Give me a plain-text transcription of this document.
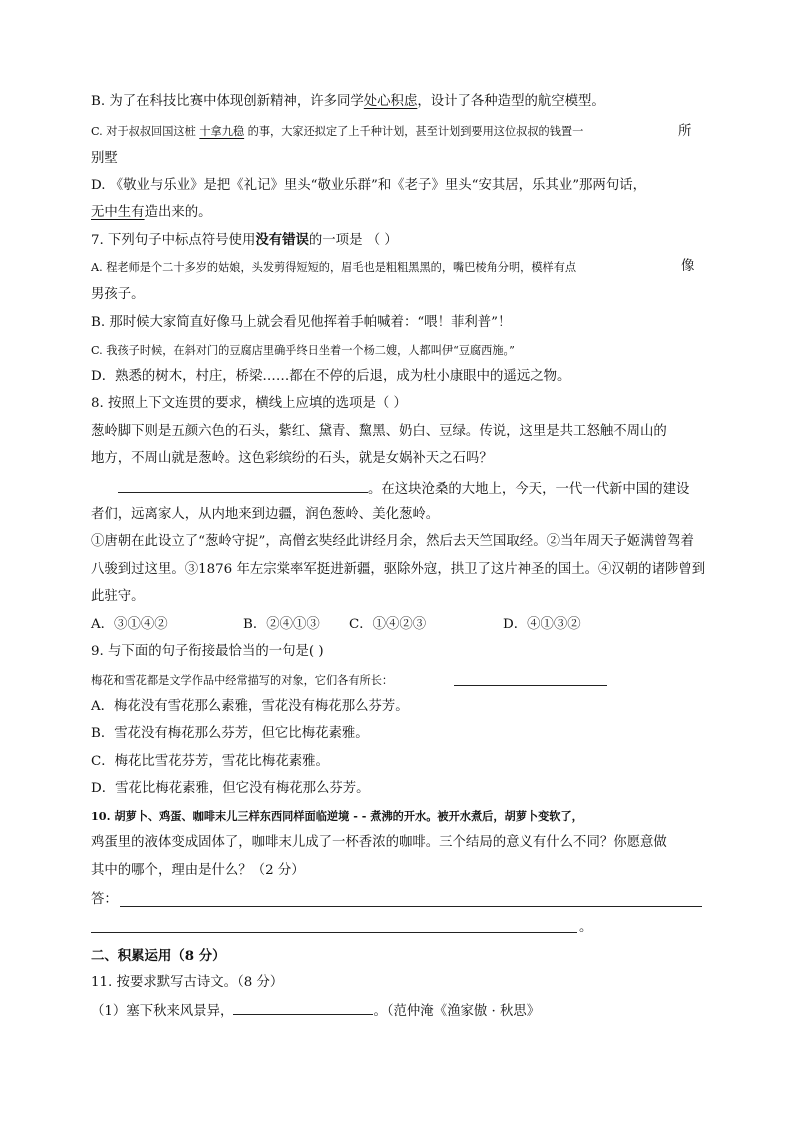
B. 为了在科技比赛中体现创新精神，许多同学处心积虑，设计了各种造型的航空模型。
C. 对于叔叔回国这桩 十拿九稳 的事，大家还拟定了上千种计划，甚至计划到要用这位叔叔的钱置一	所
别墅
D. 《敬业与乐业》是把《礼记》里头“敬业乐群”和《老子》里头“安其居，乐其业”那两句话，
无中生有造出来的。
7. 下列句子中标点符号使用没有错误的一项是 （ ）
A. 程老师是个二十多岁的姑娘，头发剪得短短的，眉毛也是粗粗黑黑的，嘴巴棱角分明，模样有点	像
男孩子。
B. 那时候大家简直好像马上就会看见他挥着手帕喊着：“喂！菲利普”！
C. 我孩子时候，在斜对门的豆腐店里确乎终日坐着一个杨二嫂，人都叫伊“豆腐西施。”
D．熟悉的树木，村庄，桥梁……都在不停的后退，成为杜小康眼中的遥远之物。
8. 按照上下文连贯的要求，横线上应填的选项是（ ）
葱岭脚下则是五颜六色的石头，紫红、黛青、黧黑、奶白、豆绿。传说，这里是共工怒触不周山的
地方，不周山就是葱岭。这色彩缤纷的石头，就是女娲补天之石吗？
。在这块沧桑的大地上，今天，一代一代新中国的建设
者们，远离家人，从内地来到边疆，润色葱岭、美化葱岭。
①唐朝在此设立了“葱岭守捉”，高僧玄奘经此讲经月余，然后去天竺国取经。②当年周天子姬满曾驾着
八骏到过这里。③1876 年左宗棠率军挺进新疆，驱除外寇，拱卫了这片神圣的国土。④汉朝的诸陟曾到
此驻守。
A．③①④②	B．②④①③ C．①④②③	D．④①③②
9. 与下面的句子衔接最恰当的一句是( )
梅花和雪花都是文学作品中经常描写的对象，它们各有所长：
A．梅花没有雪花那么素雅，雪花没有梅花那么芬芳。
B．雪花没有梅花那么芬芳，但它比梅花素雅。
C．梅花比雪花芬芳，雪花比梅花素雅。
D．雪花比梅花素雅，但它没有梅花那么芬芳。
10. 胡萝卜、鸡蛋、咖啡末儿三样东西同样面临逆境 - - 煮沸的开水。被开水煮后，胡萝卜变软了，
鸡蛋里的液体变成固体了，咖啡末儿成了一杯香浓的咖啡。三个结局的意义有什么不同？你愿意做
其中的哪个，理由是什么？（2 分）
答：
。
二、积累运用（8 分）
11. 按要求默写古诗文。（8 分）
（1）塞下秋来风景异，	。（范仲淹《渔家傲 · 秋思》
